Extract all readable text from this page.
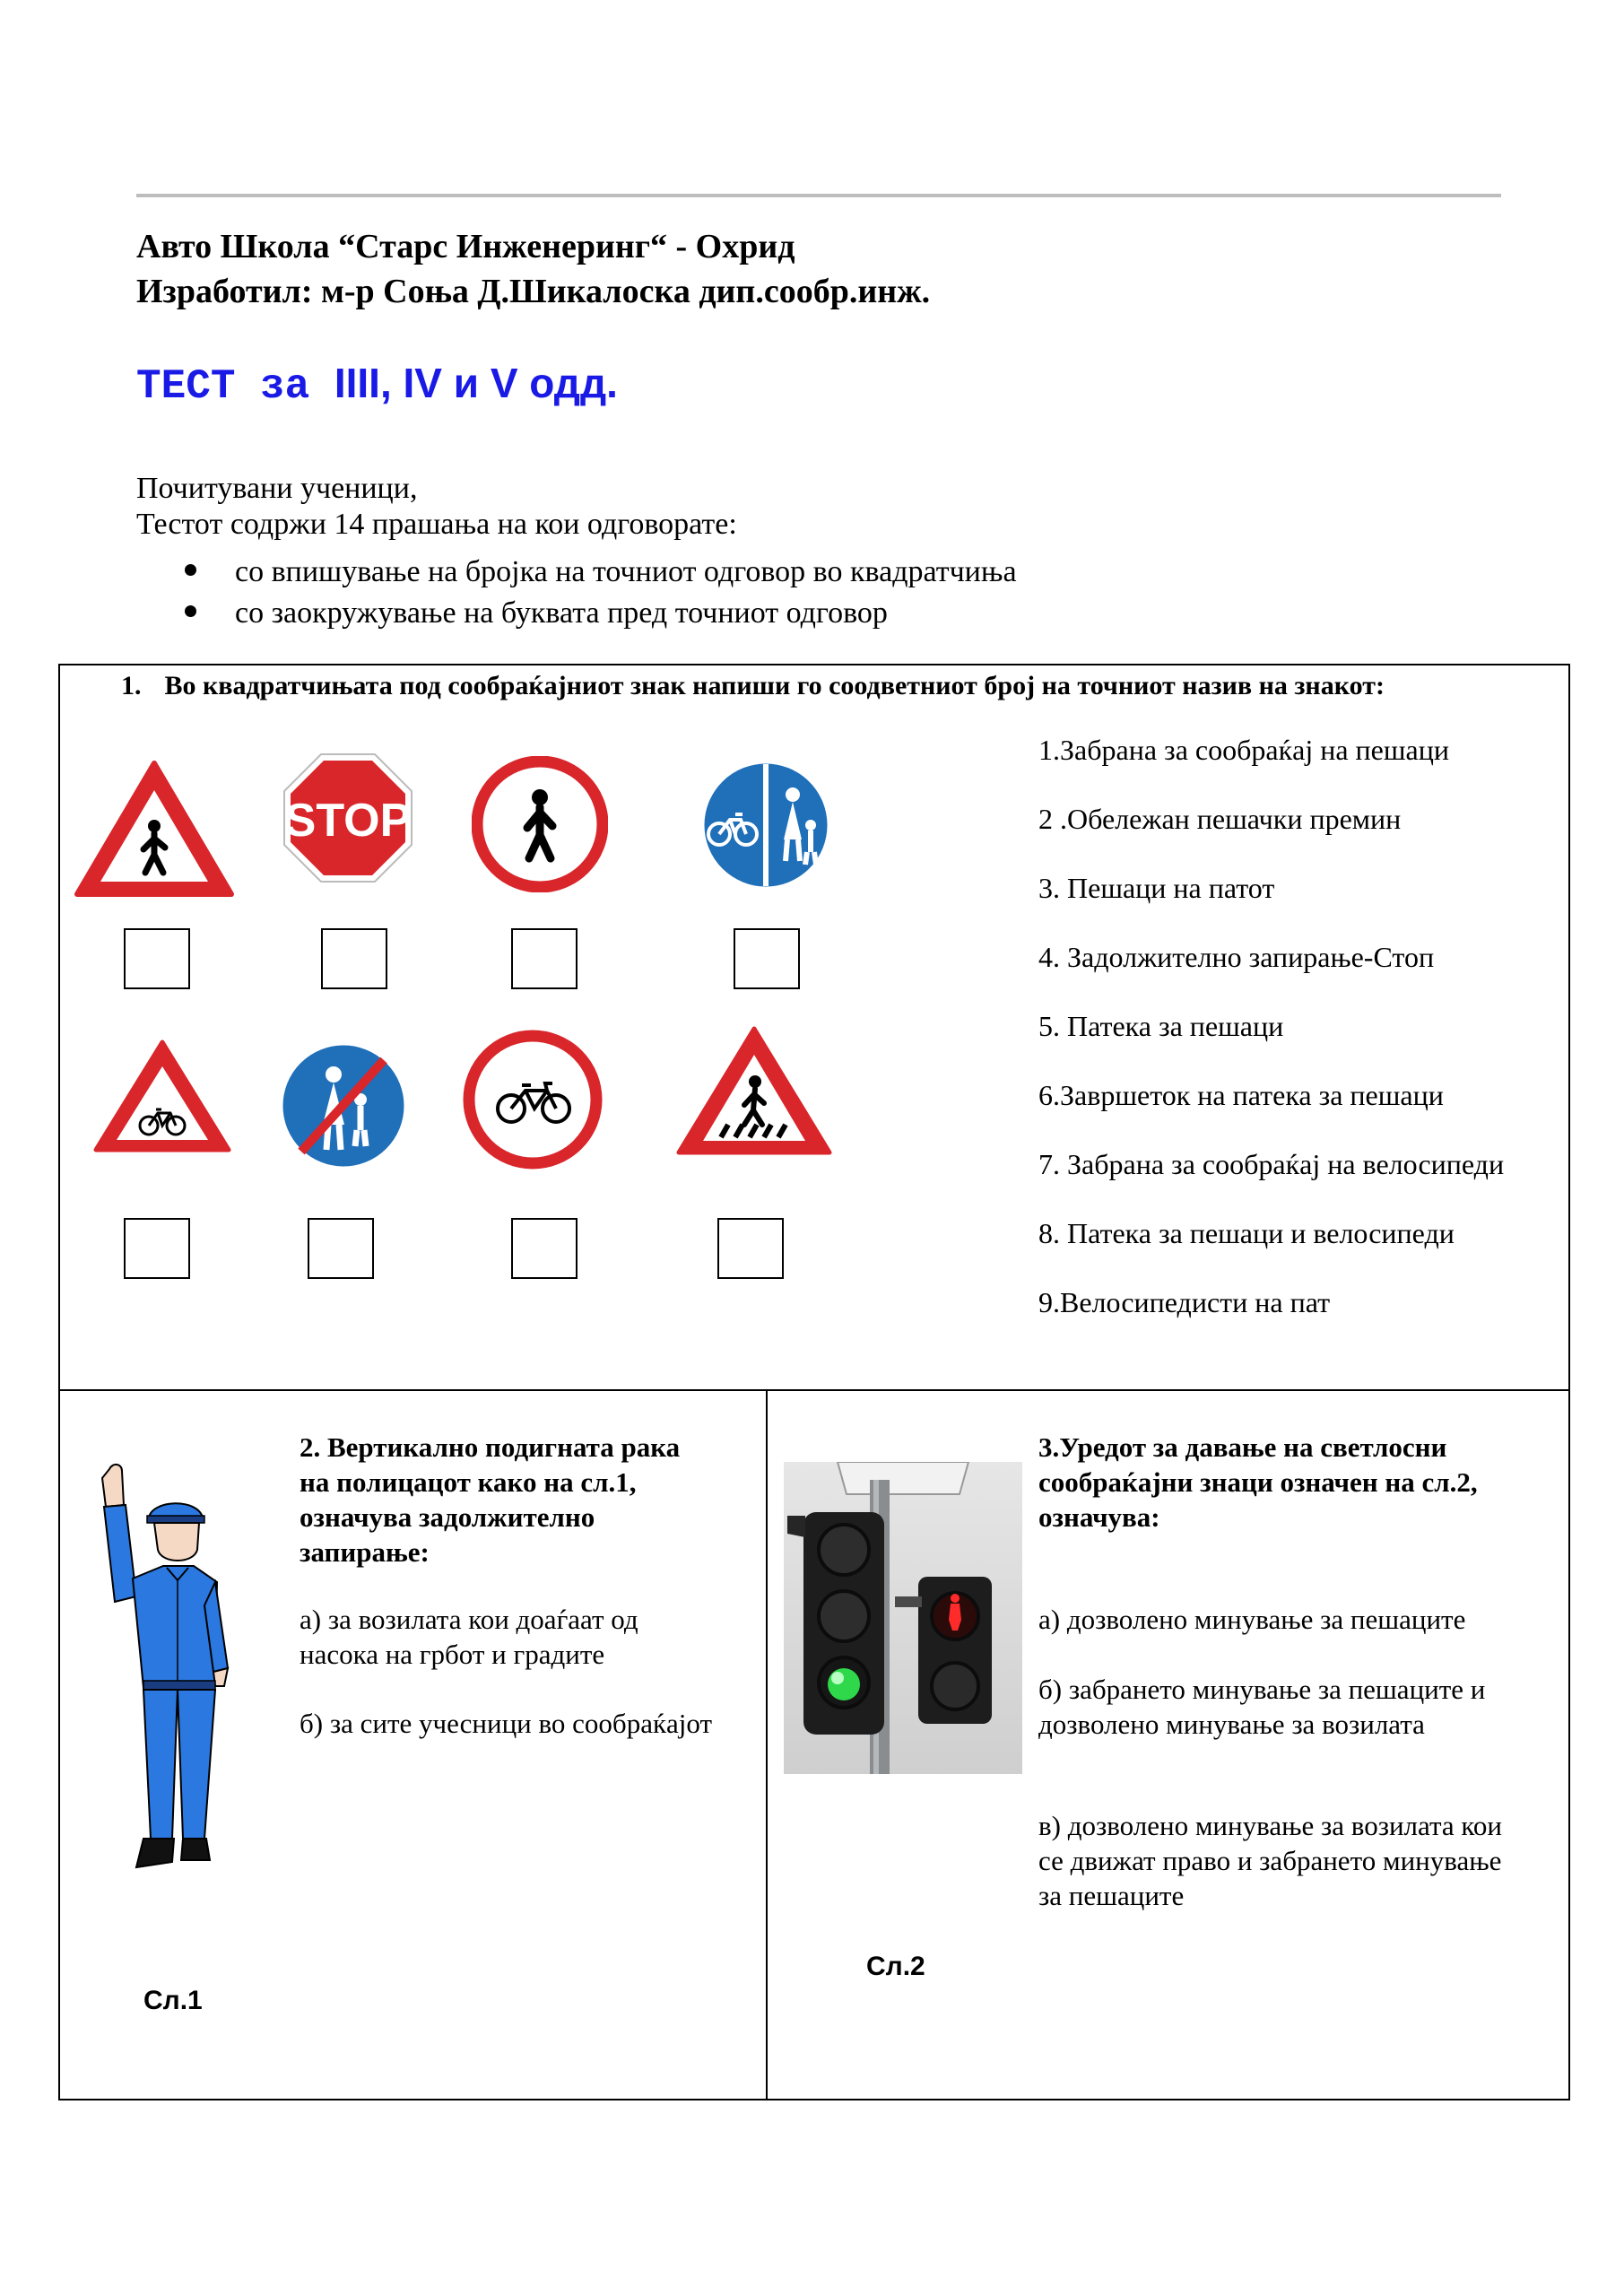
Авто Школа “Старс Инженеринг“ - Охрид
Изработил: м-р Соња Д.Шикалоска дип.сообр.инж.
ТЕСТ за IIII, IV и V одд.
Почитувани ученици,
Тестот содржи 14 прашања на кои одговорате:
со впишување на бројка на точниот одговор во квадратчиња
со заокружување на буквата пред точниот одговор
1. Во квадратчињата под сообраќајниот знак напиши го соодветниот број на точниот назив на знакот:
STOP
1.Забрана за сообраќај на пешаци
2 .Обележан пешачки премин
3. Пешаци на патот
4. Задолжително запирање-Стоп
5. Патека за пешаци
6.Завршеток на патека за пешаци
7. Забрана за сообраќај на велосипеди
8. Патека за пешаци и велосипеди
9.Велосипедисти на пат
2. Вертикално подигната рака
на полицацот како на сл.1,
означува задолжително
запирање:
а) за возилата кои доаѓаат од
насока на грбот и градите
б) за сите учесници во сообраќајот
Сл.1
3.Уредот за давање на светлосни
сообраќајни знаци означен на сл.2,
означува:
а) дозволено минување за пешаците
б) забрането минување за пешаците и
дозволено минување за возилата
в) дозволено минување за возилата кои
се движат право и забрането минување
за пешаците
Сл.2
